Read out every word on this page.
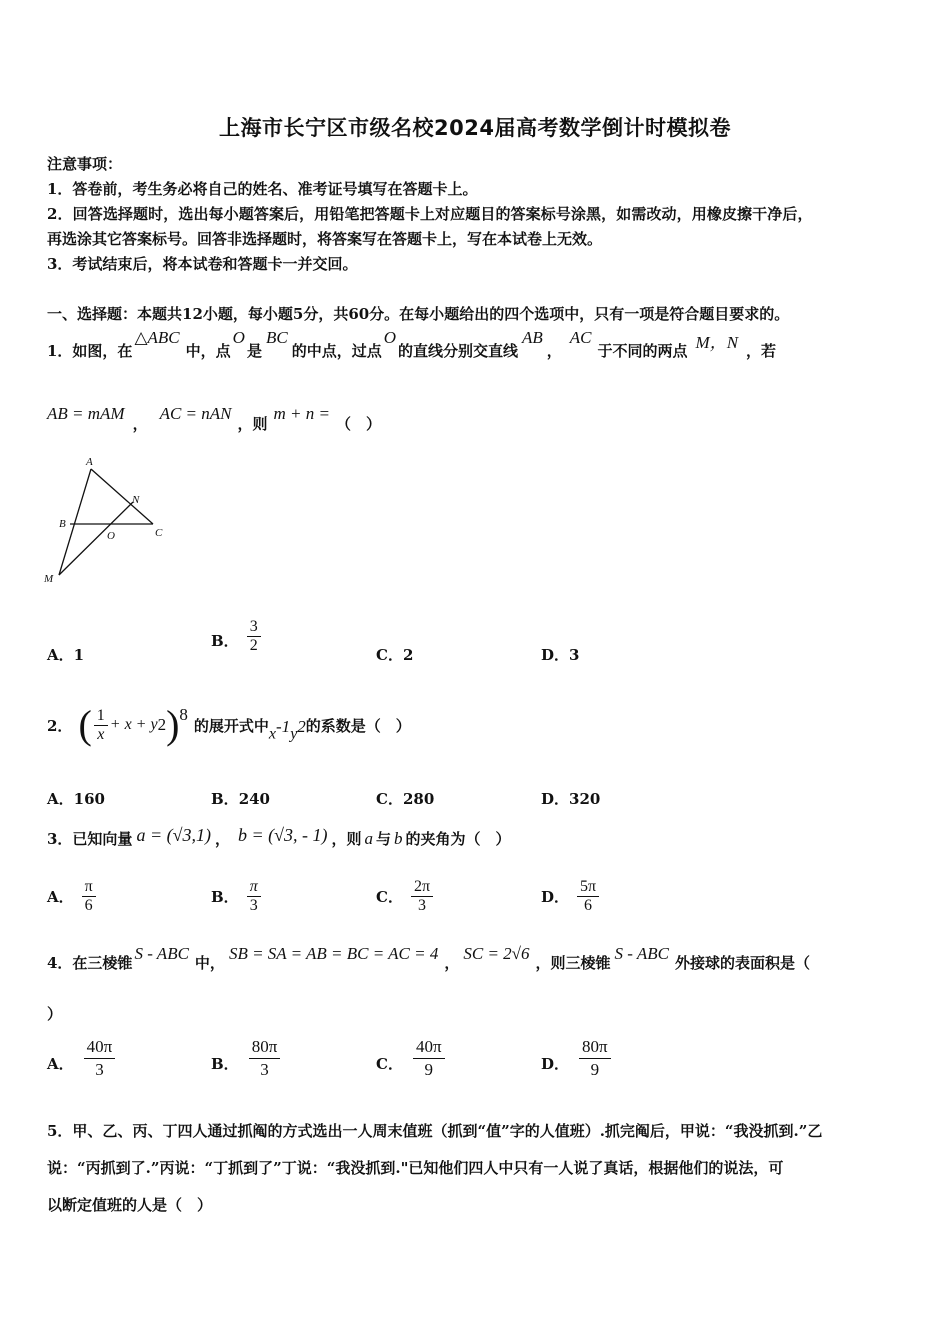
上海市长宁区市级名校2024届高考数学倒计时模拟卷
注意事项：
1．答卷前，考生务必将自己的姓名、准考证号填写在答题卡上。
2．回答选择题时，选出每小题答案后，用铅笔把答题卡上对应题目的答案标号涂黑，如需改动，用橡皮擦干净后，
再选涂其它答案标号。回答非选择题时，将答案写在答题卡上，写在本试卷上无效。
3．考试结束后，将本试卷和答题卡一并交回。
一、选择题：本题共12小题，每小题5分，共60分。在每小题给出的四个选项中，只有一项是符合题目要求的。
1．如图，在
△ABC
中，点
O
是
BC
的中点，过点
O
的直线分别交直线
AB
，
AC
于不同的两点 M，N ，若
AB = mAM
，
AC = nAN
，则
m + n =
（　）
A
N
B
O	C
M
A．1
B． $\frac{3}{2}$	C．2	D．3
2． ( $\frac{1}{x} + x + y$ 2 ) 8
的展开式中 $x^{-1}y^2$ 的系数是（　）
A．160	B．240	C．280	D．320
3．已知向量 a = (√3,1) ， b = (√3, - 1) ，则 a 与 b 的夹角为（　）
A． $\frac{\pi}{6}$	B． $\frac{\pi}{3}$	C． $\frac{2\pi}{3}$	D． $\frac{5\pi}{6}$
4．在三棱锥 S - ABC 中， SB = SA = AB = BC = AC = 4 ， SC = 2√6 ，则三棱锥 S - ABC 外接球的表面积是（
）
A． $\frac{40\pi}{3}$	B． $\frac{80\pi}{3}$	C． $\frac{40\pi}{9}$	D． $\frac{80\pi}{9}$
5．甲、乙、丙、丁四人通过抓阄的方式选出一人周末值班（抓到“值”字的人值班）.抓完阄后，甲说：“我没抓到.”乙
说：“丙抓到了.”丙说：“丁抓到了”丁说：“我没抓到."已知他们四人中只有一人说了真话，根据他们的说法，可
以断定值班的人是（　）
